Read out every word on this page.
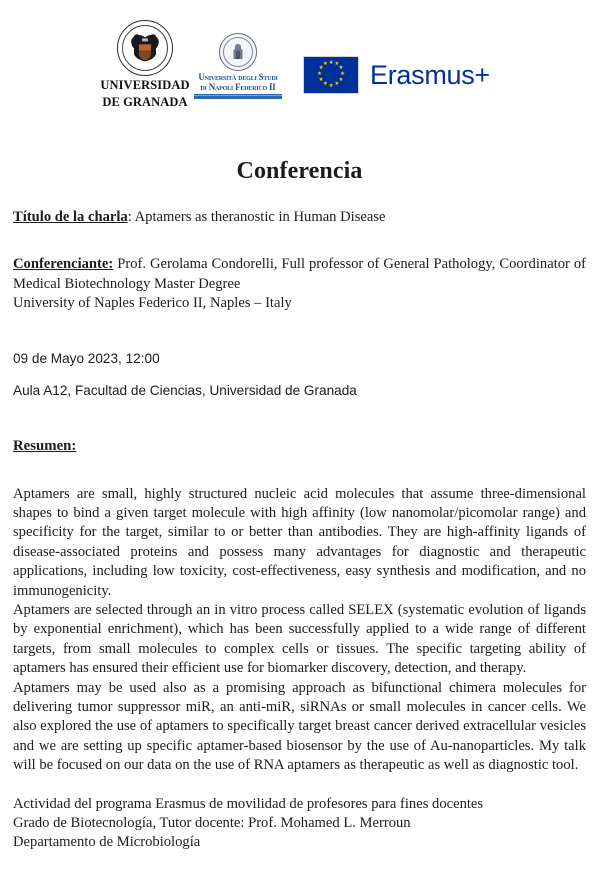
UNIVERSIDAD
DE GRANADA
Università degli Studi
di Napoli Federico II
★ ★
★
★
★
★
★
★
★
★
★
★ Erasmus+
Conferencia
Título de la charla: Aptamers as theranostic in Human Disease
Conferenciante: Prof. Gerolama Condorelli, Full professor of General Pathology, Coordinator of Medical Biotechnology Master Degree
University of Naples Federico II, Naples – Italy
09 de Mayo 2023, 12:00
Aula A12, Facultad de Ciencias, Universidad de Granada
Resumen:

Aptamers are small, highly structured nucleic acid molecules that assume three-dimensional shapes to bind a given target molecule with high affinity (low nanomolar/picomolar range) and specificity for the target, similar to or better than antibodies. They are high-affinity ligands of disease-associated proteins and possess many advantages for diagnostic and therapeutic applications, including low toxicity, cost-effectiveness, easy synthesis and modification, and no immunogenicity.

Aptamers are selected through an in vitro process called SELEX (systematic evolution of ligands by exponential enrichment), which has been successfully applied to a wide range of different targets, from small molecules to complex cells or tissues. The specific targeting ability of aptamers has ensured their efficient use for biomarker discovery, detection, and therapy.

Aptamers may be used also as a promising approach as bifunctional chimera molecules for delivering tumor suppressor miR, an anti-miR, siRNAs or small molecules in cancer cells. We also explored the use of aptamers to specifically target breast cancer derived extracellular vesicles and we are setting up specific aptamer-based biosensor by the use of Au-nanoparticles. My talk will be focused on our data on the use of RNA aptamers as therapeutic as well as diagnostic tool.

Actividad del programa Erasmus de movilidad de profesores para fines docentes
Grado de Biotecnología, Tutor docente: Prof. Mohamed L. Merroun
Departamento de Microbiología
